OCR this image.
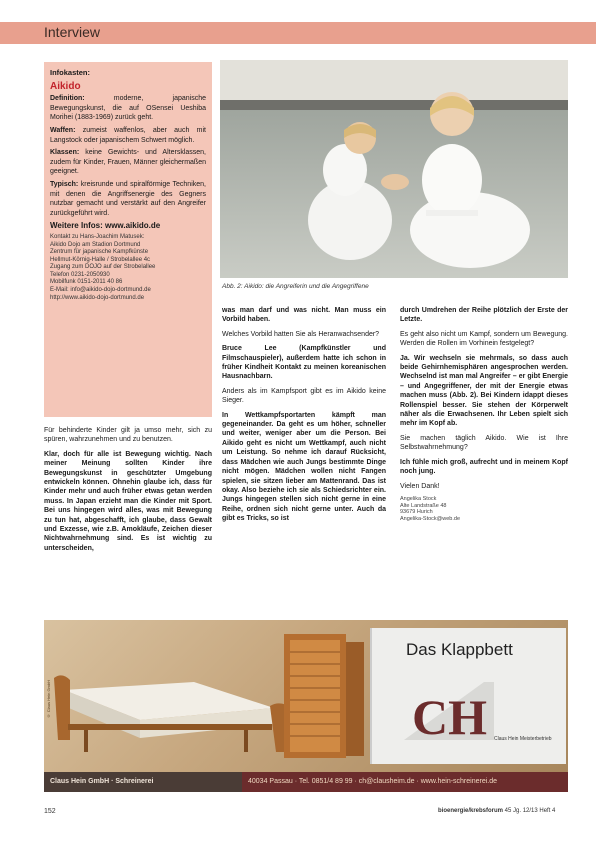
Interview
Infokasten:
Aikido

Definition: moderne, japanische Bewegungskunst, die auf OSensei Ueshiba Morihei (1883-1969) zurück geht.

Waffen: zumeist waffenlos, aber auch mit Langstock oder japanischem Schwert möglich.

Klassen: keine Gewichts- und Altersklassen, zudem für Kinder, Frauen, Männer gleichermaßen geeignet.

Typisch: kreisrunde und spiralförmige Techniken, mit denen die Angriffsenergie des Gegners nutzbar gemacht und verstärkt auf den Angreifer zurückgeführt wird.

Weitere Infos: www.aikido.de
Kontakt zu Hans-Joachim Matusek:
Aikido Dojo am Stadion Dortmund
Zentrum für japanische Kampfkünste
Hellmut-Körnig-Halle / Strobelallee 4c
Zugang zum DOJO auf der Strobelallee
Telefon 0231-2050930
Mobilfunk 0151-2011 40 86
E-Mail: info@aikido-dojo-dortmund.de
http://www.aikido-dojo-dortmund.de
Abb. 2: Aikido: die Angreiferin und die Angegriffene

Für behinderte Kinder gilt ja umso mehr, sich zu spüren, wahrzunehmen und zu benutzen.

Klar, doch für alle ist Bewegung wichtig. Nach meiner Meinung sollten Kinder ihre Bewegungskunst in geschützter Umgebung entwickeln können. Ohnehin glaube ich, dass für Kinder mehr und auch früher etwas getan werden muss. In Japan erzieht man die Kinder mit Sport. Bei uns hingegen wird alles, was mit Bewegung zu tun hat, abgeschafft, ich glaube, dass Gewalt und Exzesse, wie z.B. Amokläufe, Zeichen dieser Nichtwahrnehmung sind. Es ist wichtig zu unterscheiden,

was man darf und was nicht. Man muss ein Vorbild haben.

Welches Vorbild hatten Sie als Heranwachsender?

Bruce Lee (Kampfkünstler und Filmschauspieler), außerdem hatte ich schon in früher Kindheit Kontakt zu meinen koreanischen Hausnachbarn.

Anders als im Kampfsport gibt es im Aikido keine Sieger.

In Wettkampfsportarten kämpft man gegeneinander. Da geht es um höher, schneller und weiter, weniger aber um die Person. Bei Aikido geht es nicht um Wettkampf, auch nicht um Leistung. So nehme ich darauf Rücksicht, dass Mädchen wie auch Jungs bestimmte Dinge nicht mögen. Mädchen wollen nicht Fangen spielen, sie sitzen lieber am Mattenrand. Das ist okay. Also beziehe ich sie als Schiedsrichter ein. Jungs hingegen stellen sich nicht gerne in eine Reihe, ordnen sich nicht gerne unter. Auch da gibt es Tricks, so ist

durch Umdrehen der Reihe plötzlich der Erste der Letzte.

Es geht also nicht um Kampf, sondern um Bewegung. Werden die Rollen im Vorhinein festgelegt?

Ja. Wir wechseln sie mehrmals, so dass auch beide Gehirnhemisphären angesprochen werden. Wechselnd ist man mal Angreifer – er gibt Energie – und Angegriffener, der mit der Energie etwas machen muss (Abb. 2). Bei Kindern idappt dieses Rollenspiel besser. Sie stehen der Körperwelt näher als die Erwachsenen. Ihr Leben spielt sich mehr im Kopf ab.

Sie machen täglich Aikido. Wie ist Ihre Selbstwahrnehmung?

Ich fühle mich groß, aufrecht und in meinem Kopf noch jung.

Vielen Dank!

Angelika Stock
Alte Landstraße 48
93679 Hurich
Angelika-Stock@web.de
Das Klappbett
CH Claus Hein Meisterbetrieb
© Claus Hein GmbH
Claus Hein GmbH · Schreinerei	40034 Passau · Tel. 0851/4 89 99 · ch@clausheim.de · www.hein-schreinerei.de
152	bioenergie/krebsforum 45 Jg. 12/13 Heft 4
